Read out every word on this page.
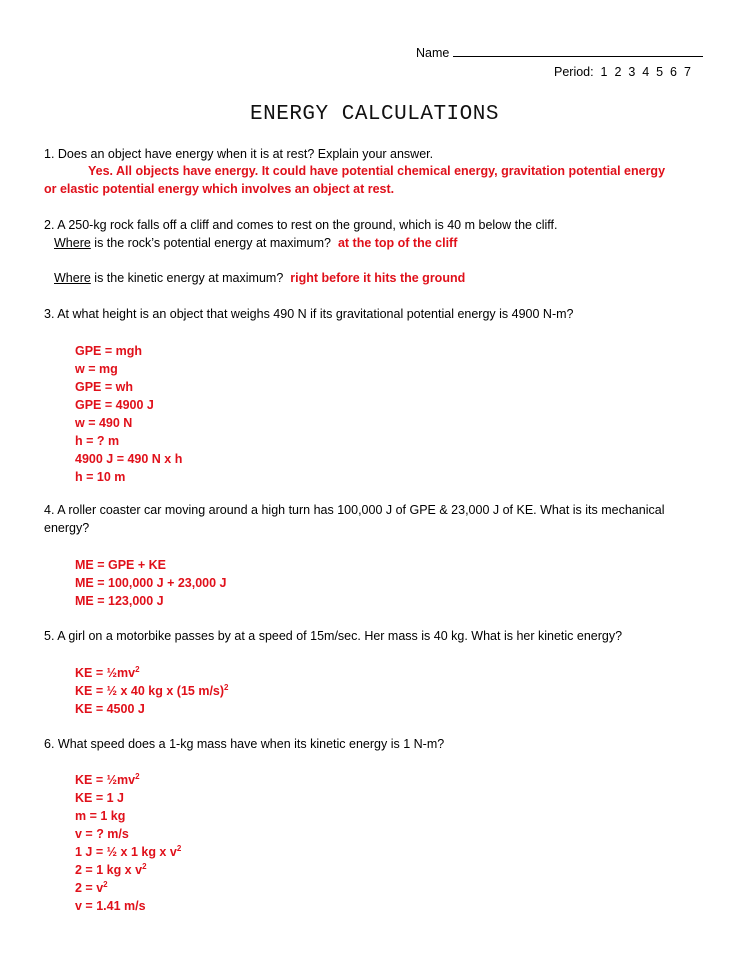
Name
Period:  1  2  3  4  5  6  7
ENERGY CALCULATIONS
1. Does an object have energy when it is at rest? Explain your answer.
Yes. All objects have energy. It could have potential chemical energy, gravitation potential energy
or elastic potential energy which involves an object at rest.
2. A 250-kg rock falls off a cliff and comes to rest on the ground, which is 40 m below the cliff.
Where is the rock’s potential energy at maximum? at the top of the cliff
Where is the kinetic energy at maximum? right before it hits the ground
3. At what height is an object that weighs 490 N if its gravitational potential energy is 4900 N-m?
GPE = mgh
w = mg
GPE = wh
GPE = 4900 J
w = 490 N
h = ? m
4900 J = 490 N x h
h = 10 m
4. A roller coaster car moving around a high turn has 100,000 J of GPE & 23,000 J of KE. What is its mechanical
energy?
ME = GPE + KE
ME = 100,000 J + 23,000 J
ME = 123,000 J
5. A girl on a motorbike passes by at a speed of 15m/sec. Her mass is 40 kg. What is her kinetic energy?
KE = $\frac{1}{2}mv^2$
KE = ½ x 40 kg x (15 m/s)$^2$
KE = 4500 J
6. What speed does a 1-kg mass have when its kinetic energy is 1 N-m?
KE = $\frac{1}{2}mv^2$
KE = 1 J
m = 1 kg
v = ? m/s
1 J = ½ x 1 kg x $v^2$
2 = 1 kg x $v^2$
$2 = v^2$
v = 1.41 m/s
